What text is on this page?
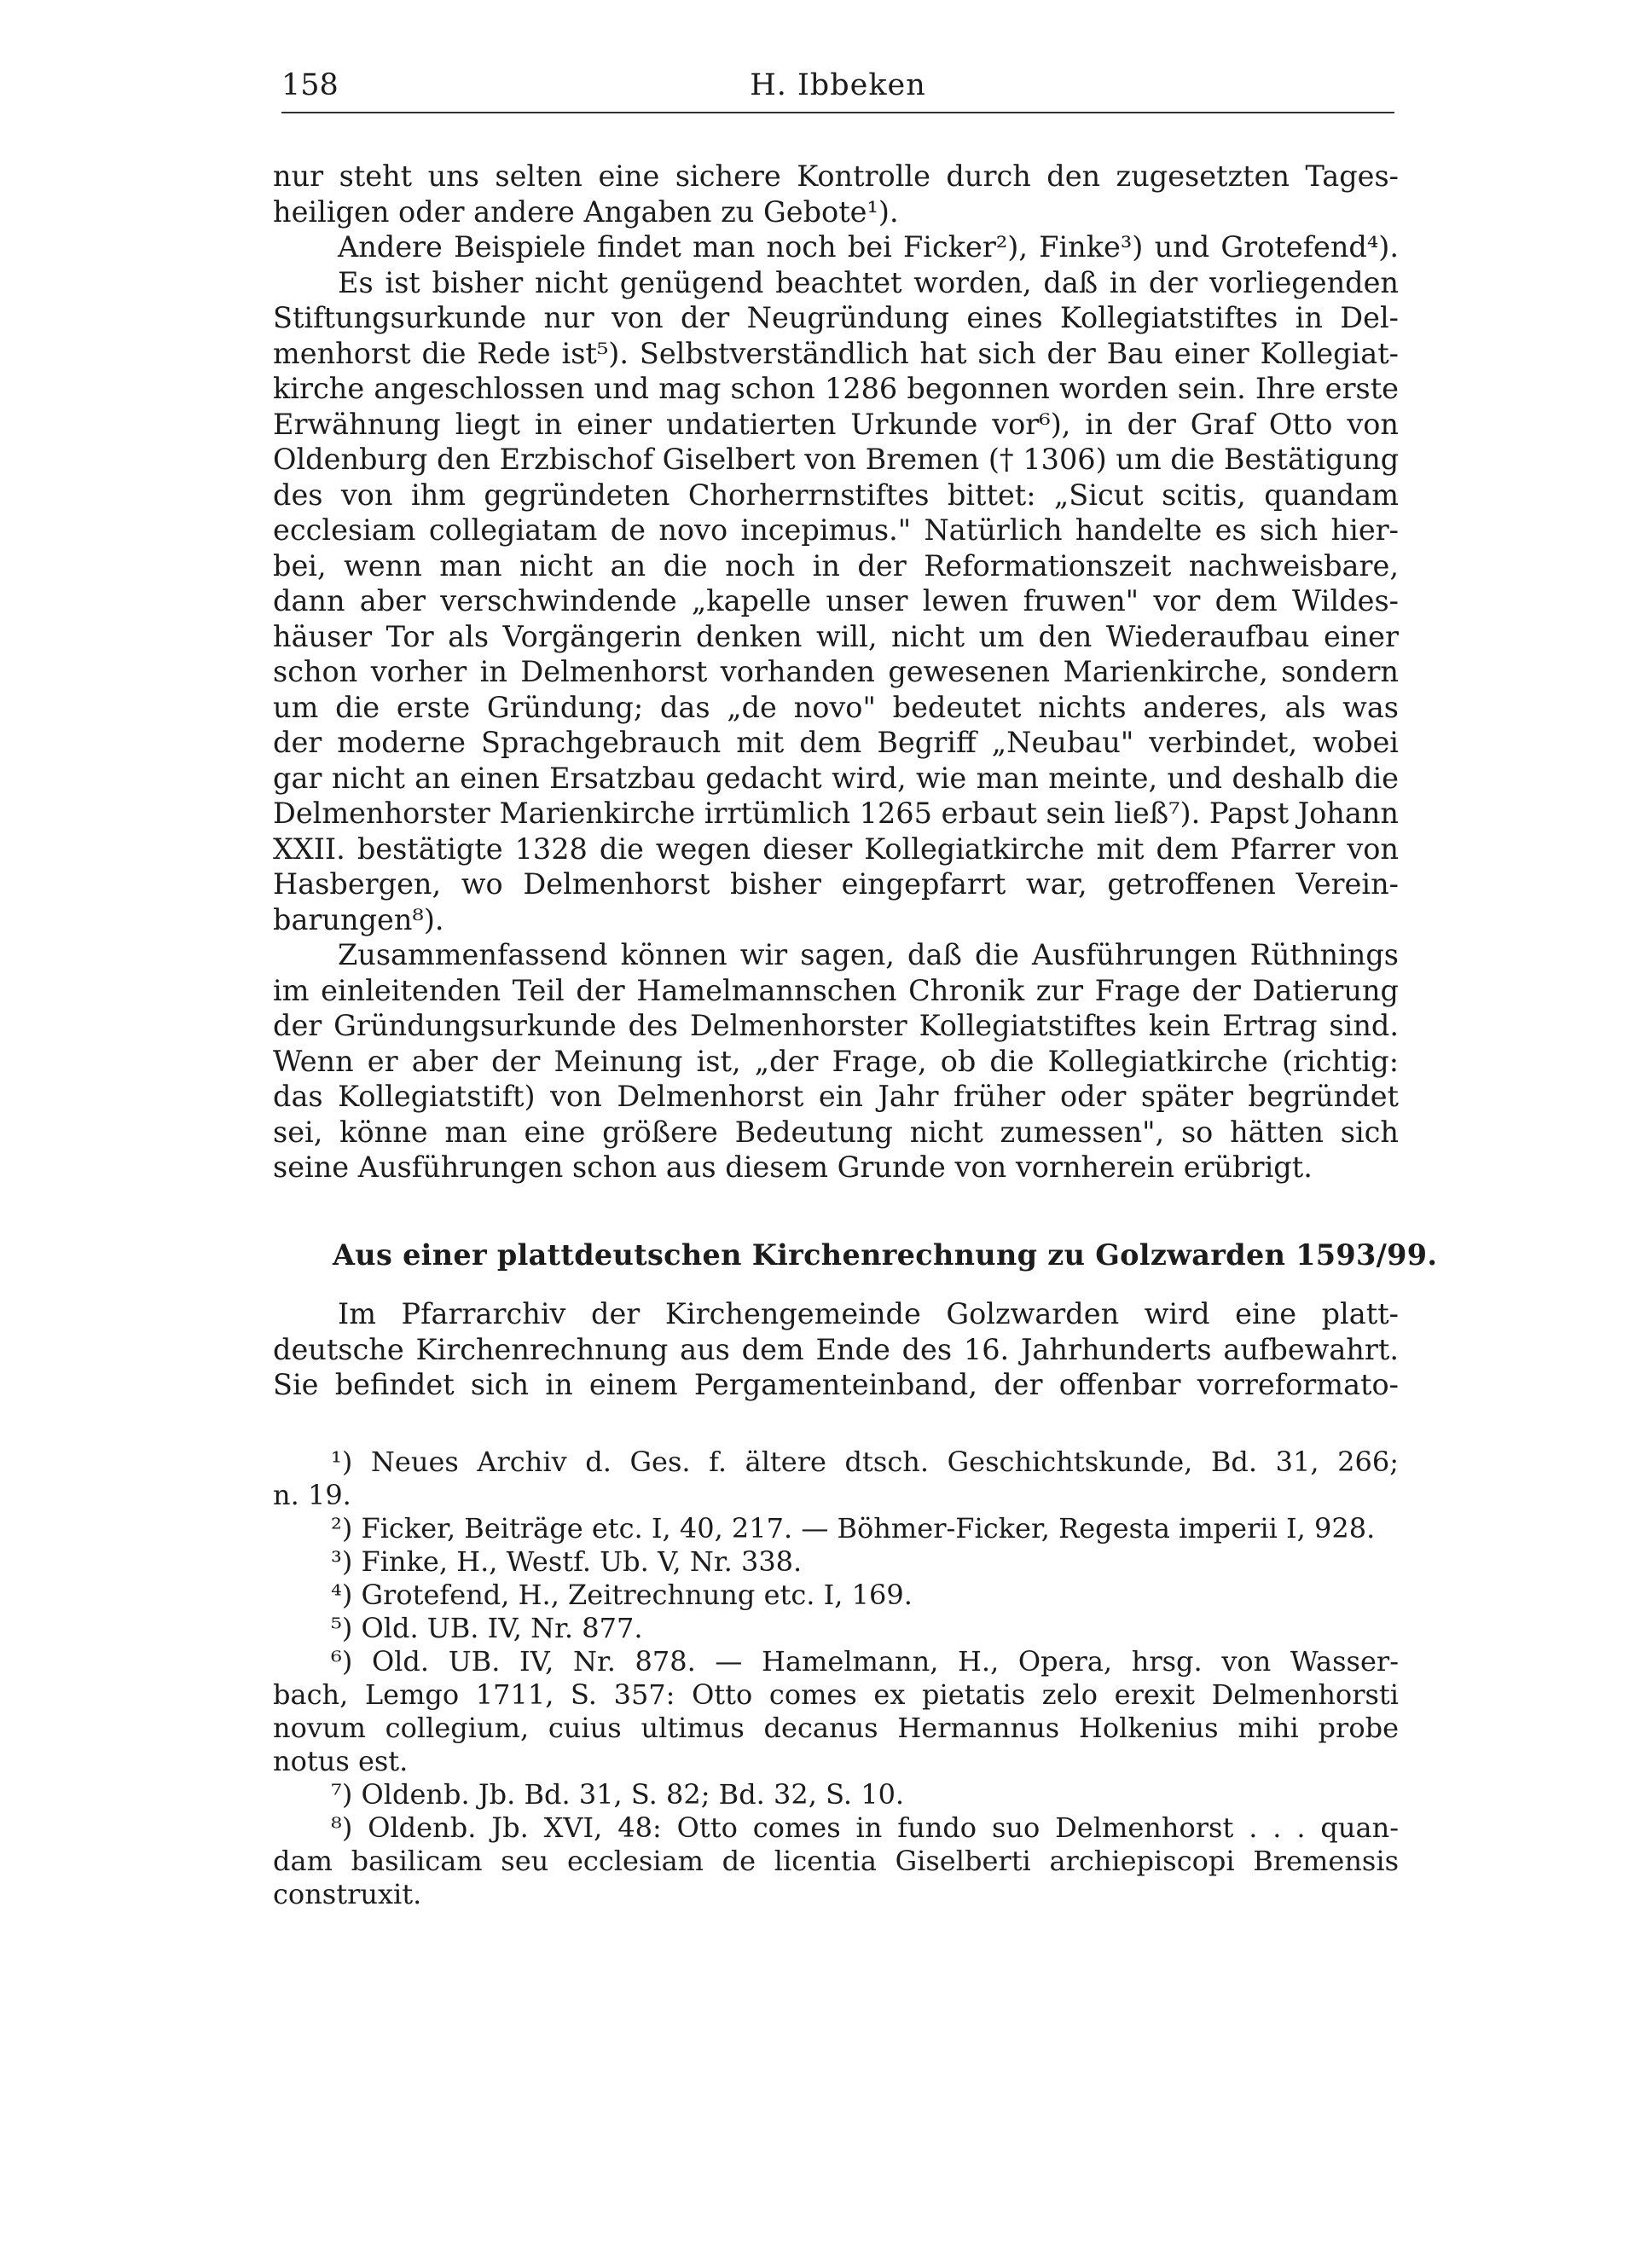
158	H. Ibbeken
nur steht uns selten eine sichere Kontrolle durch den zugesetzten Tages-
heiligen oder andere Angaben zu Gebote¹).
Andere Beispiele findet man noch bei Ficker²), Finke³) und Grotefend⁴).
Es ist bisher nicht genügend beachtet worden, daß in der vorliegenden
Stiftungsurkunde nur von der Neugründung eines Kollegiatstiftes in Del-
menhorst die Rede ist⁵). Selbstverständlich hat sich der Bau einer Kollegiat-
kirche angeschlossen und mag schon 1286 begonnen worden sein. Ihre erste
Erwähnung liegt in einer undatierten Urkunde vor⁶), in der Graf Otto von
Oldenburg den Erzbischof Giselbert von Bremen († 1306) um die Bestätigung
des von ihm gegründeten Chorherrnstiftes bittet: „Sicut scitis, quandam
ecclesiam collegiatam de novo incepimus." Natürlich handelte es sich hier-
bei, wenn man nicht an die noch in der Reformationszeit nachweisbare,
dann aber verschwindende „kapelle unser lewen fruwen" vor dem Wildes-
häuser Tor als Vorgängerin denken will, nicht um den Wiederaufbau einer
schon vorher in Delmenhorst vorhanden gewesenen Marienkirche, sondern
um die erste Gründung; das „de novo" bedeutet nichts anderes, als was
der moderne Sprachgebrauch mit dem Begriff „Neubau" verbindet, wobei
gar nicht an einen Ersatzbau gedacht wird, wie man meinte, und deshalb die
Delmenhorster Marienkirche irrtümlich 1265 erbaut sein ließ⁷). Papst Johann
XXII. bestätigte 1328 die wegen dieser Kollegiatkirche mit dem Pfarrer von
Hasbergen, wo Delmenhorst bisher eingepfarrt war, getroffenen Verein-
barungen⁸).
Zusammenfassend können wir sagen, daß die Ausführungen Rüthnings
im einleitenden Teil der Hamelmannschen Chronik zur Frage der Datierung
der Gründungsurkunde des Delmenhorster Kollegiatstiftes kein Ertrag sind.
Wenn er aber der Meinung ist, „der Frage, ob die Kollegiatkirche (richtig:
das Kollegiatstift) von Delmenhorst ein Jahr früher oder später begründet
sei, könne man eine größere Bedeutung nicht zumessen", so hätten sich
seine Ausführungen schon aus diesem Grunde von vornherein erübrigt.
Aus einer plattdeutschen Kirchenrechnung zu Golzwarden 1593/99.
Im Pfarrarchiv der Kirchengemeinde Golzwarden wird eine platt-
deutsche Kirchenrechnung aus dem Ende des 16. Jahrhunderts aufbewahrt.
Sie befindet sich in einem Pergamenteinband, der offenbar vorreformato-
¹) Neues Archiv d. Ges. f. ältere dtsch. Geschichtskunde, Bd. 31, 266;
n. 19.
²) Ficker, Beiträge etc. I, 40, 217. — Böhmer-Ficker, Regesta imperii I, 928.
³) Finke, H., Westf. Ub. V, Nr. 338.
⁴) Grotefend, H., Zeitrechnung etc. I, 169.
⁵) Old. UB. IV, Nr. 877.
⁶) Old. UB. IV, Nr. 878. — Hamelmann, H., Opera, hrsg. von Wasser-
bach, Lemgo 1711, S. 357: Otto comes ex pietatis zelo erexit Delmenhorsti
novum collegium, cuius ultimus decanus Hermannus Holkenius mihi probe
notus est.
⁷) Oldenb. Jb. Bd. 31, S. 82; Bd. 32, S. 10.
⁸) Oldenb. Jb. XVI, 48: Otto comes in fundo suo Delmenhorst . . . quan-
dam basilicam seu ecclesiam de licentia Giselberti archiepiscopi Bremensis
construxit.
